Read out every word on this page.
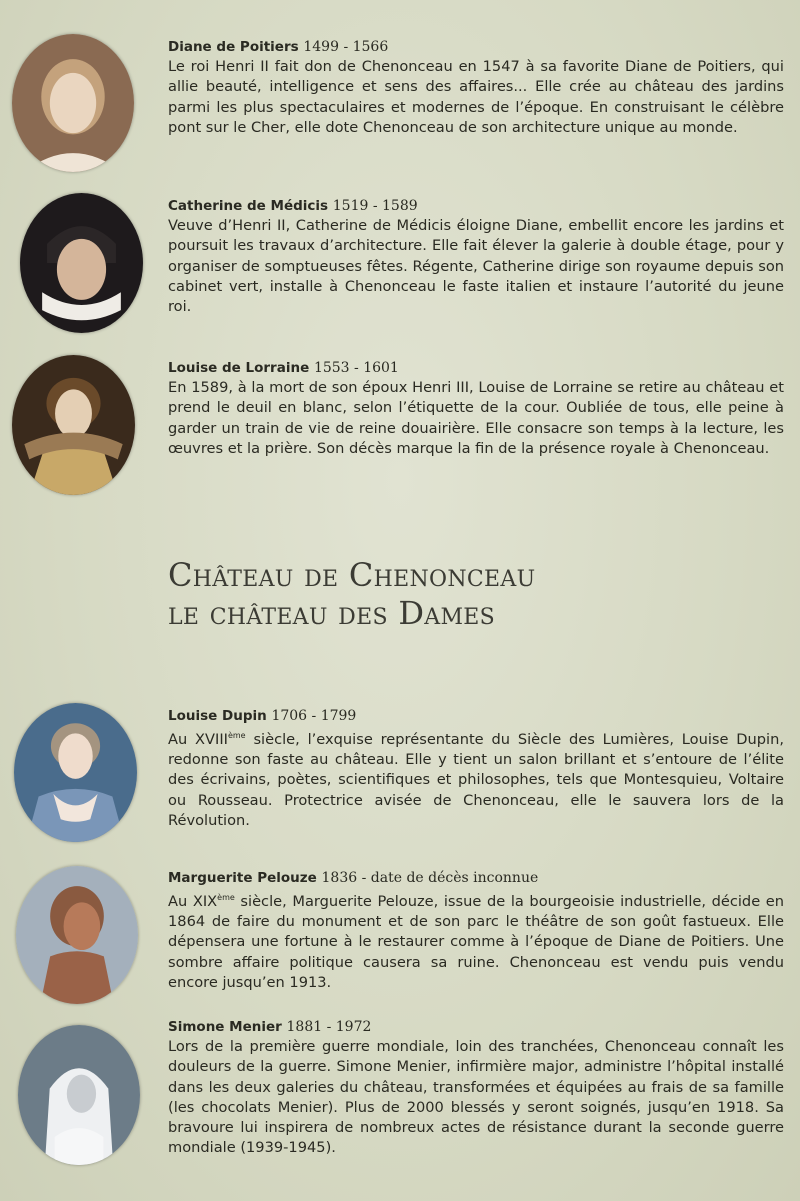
Diane de Poitiers 1499 - 1566

Le roi Henri II fait don de Chenonceau en 1547 à sa favorite Diane de Poitiers, qui allie beauté, intelligence et sens des affaires... Elle crée au château des jardins parmi les plus spectaculaires et modernes de l’époque. En construisant le célèbre pont sur le Cher, elle dote Chenonceau de son architecture unique au monde.

Catherine de Médicis 1519 - 1589

Veuve d’Henri II, Catherine de Médicis éloigne Diane, embellit encore les jardins et poursuit les travaux d’architecture. Elle fait élever la galerie à double étage, pour y organiser de somptueuses fêtes. Régente, Catherine dirige son royaume depuis son cabinet vert, installe à Chenonceau le faste italien et instaure l’autorité du jeune roi.

Louise de Lorraine 1553 - 1601

En 1589, à la mort de son époux Henri III, Louise de Lorraine se retire au château et prend le deuil en blanc, selon l’étiquette de la cour. Oubliée de tous, elle peine à garder un train de vie de reine douairière. Elle consacre son temps à la lecture, les œuvres et la prière. Son décès marque la fin de la présence royale à Chenonceau.

Château de Chenonceau
le château des Dames
Louise Dupin 1706 - 1799

Au XVIIIème siècle, l’exquise représentante du Siècle des Lumières, Louise Dupin, redonne son faste au château. Elle y tient un salon brillant et s’entoure de l’élite des écrivains, poètes, scientifiques et philosophes, tels que Montesquieu, Voltaire ou Rousseau. Protectrice avisée de Chenonceau, elle le sauvera lors de la Révolution.

Marguerite Pelouze 1836 - date de décès inconnue

Au XIXème siècle, Marguerite Pelouze, issue de la bourgeoisie industrielle, décide en 1864 de faire du monument et de son parc le théâtre de son goût fastueux. Elle dépensera une fortune à le restaurer comme à l’époque de Diane de Poitiers. Une sombre affaire politique causera sa ruine. Chenonceau est vendu puis vendu encore jusqu’en 1913.

Simone Menier 1881 - 1972

Lors de la première guerre mondiale, loin des tranchées, Chenonceau connaît les douleurs de la guerre. Simone Menier, infirmière major, administre l’hôpital installé dans les deux galeries du château, transformées et équipées au frais de sa famille (les chocolats Menier). Plus de 2000 blessés y seront soignés, jusqu’en 1918. Sa bravoure lui inspirera de nombreux actes de résistance durant la seconde guerre mondiale (1939-1945).
